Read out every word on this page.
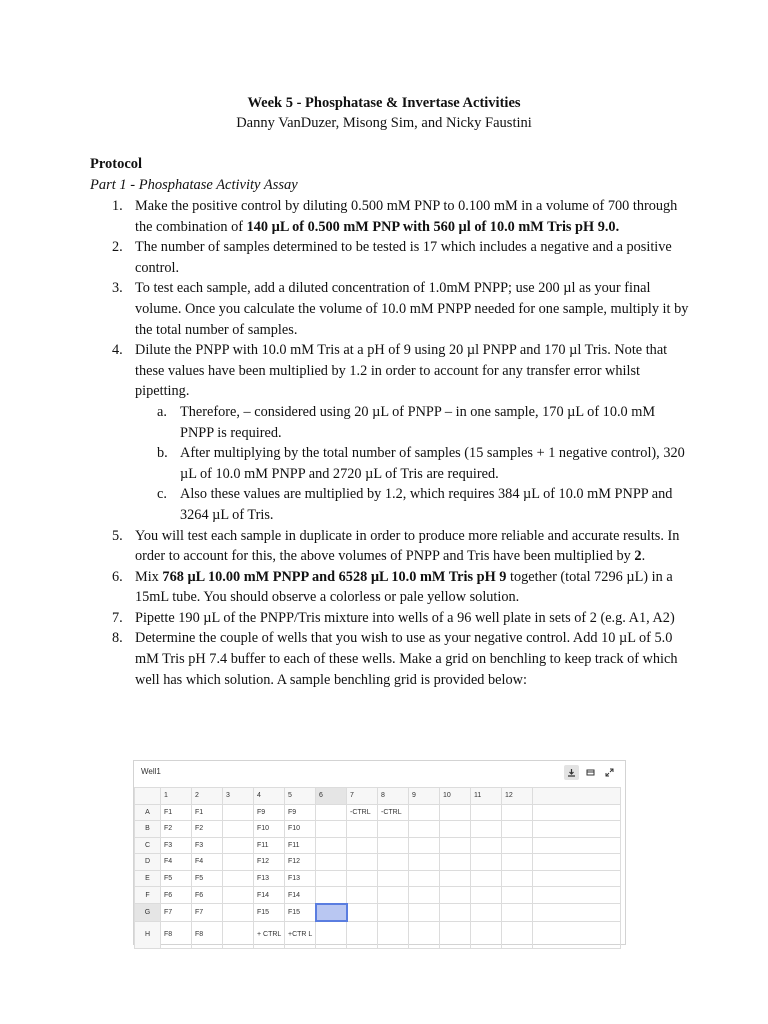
Week 5 - Phosphatase & Invertase Activities
Danny VanDuzer, Misong Sim, and Nicky Faustini
Protocol
Part 1 - Phosphatase Activity Assay
1. Make the positive control by diluting 0.500 mM PNP to 0.100 mM in a volume of 700 through the combination of 140 µL of 0.500 mM PNP with 560 µl of 10.0 mM Tris pH 9.0.
2. The number of samples determined to be tested is 17 which includes a negative and a positive control.
3. To test each sample, add a diluted concentration of 1.0mM PNPP; use 200 µl as your final volume. Once you calculate the volume of 10.0 mM PNPP needed for one sample, multiply it by the total number of samples.
4. Dilute the PNPP with 10.0 mM Tris at a pH of 9 using 20 µl PNPP and 170 µl Tris. Note that these values have been multiplied by 1.2 in order to account for any transfer error whilst pipetting.
a. Therefore, – considered using 20 µL of PNPP – in one sample, 170 µL of 10.0 mM PNPP is required.
b. After multiplying by the total number of samples (15 samples + 1 negative control), 320 µL of 10.0 mM PNPP and 2720 µL of Tris are required.
c. Also these values are multiplied by 1.2, which requires 384 µL of 10.0 mM PNPP and 3264 µL of Tris.
5. You will test each sample in duplicate in order to produce more reliable and accurate results. In order to account for this, the above volumes of PNPP and Tris have been multiplied by 2.
6. Mix 768 µL 10.00 mM PNPP and 6528 µL 10.0 mM Tris pH 9 together (total 7296 µL) in a 15mL tube. You should observe a colorless or pale yellow solution.
7. Pipette 190 µL of the PNPP/Tris mixture into wells of a 96 well plate in sets of 2 (e.g. A1, A2)
8. Determine the couple of wells that you wish to use as your negative control. Add 10 µL of 5.0 mM Tris pH 7.4 buffer to each of these wells. Make a grid on benchling to keep track of which well has which solution. A sample benchling grid is provided below:
Well1
	1	2	3	4	5	6	7	8	9	10	11	12	
A	F1	F1		F9	F9		-CTRL	-CTRL					
B	F2	F2		F10	F10								
C	F3	F3		F11	F11								
D	F4	F4		F12	F12								
E	F5	F5		F13	F13								
F	F6	F6		F14	F14								
G	F7	F7		F15	F15								
H	F8	F8		+ CTRL	+CTR L								
